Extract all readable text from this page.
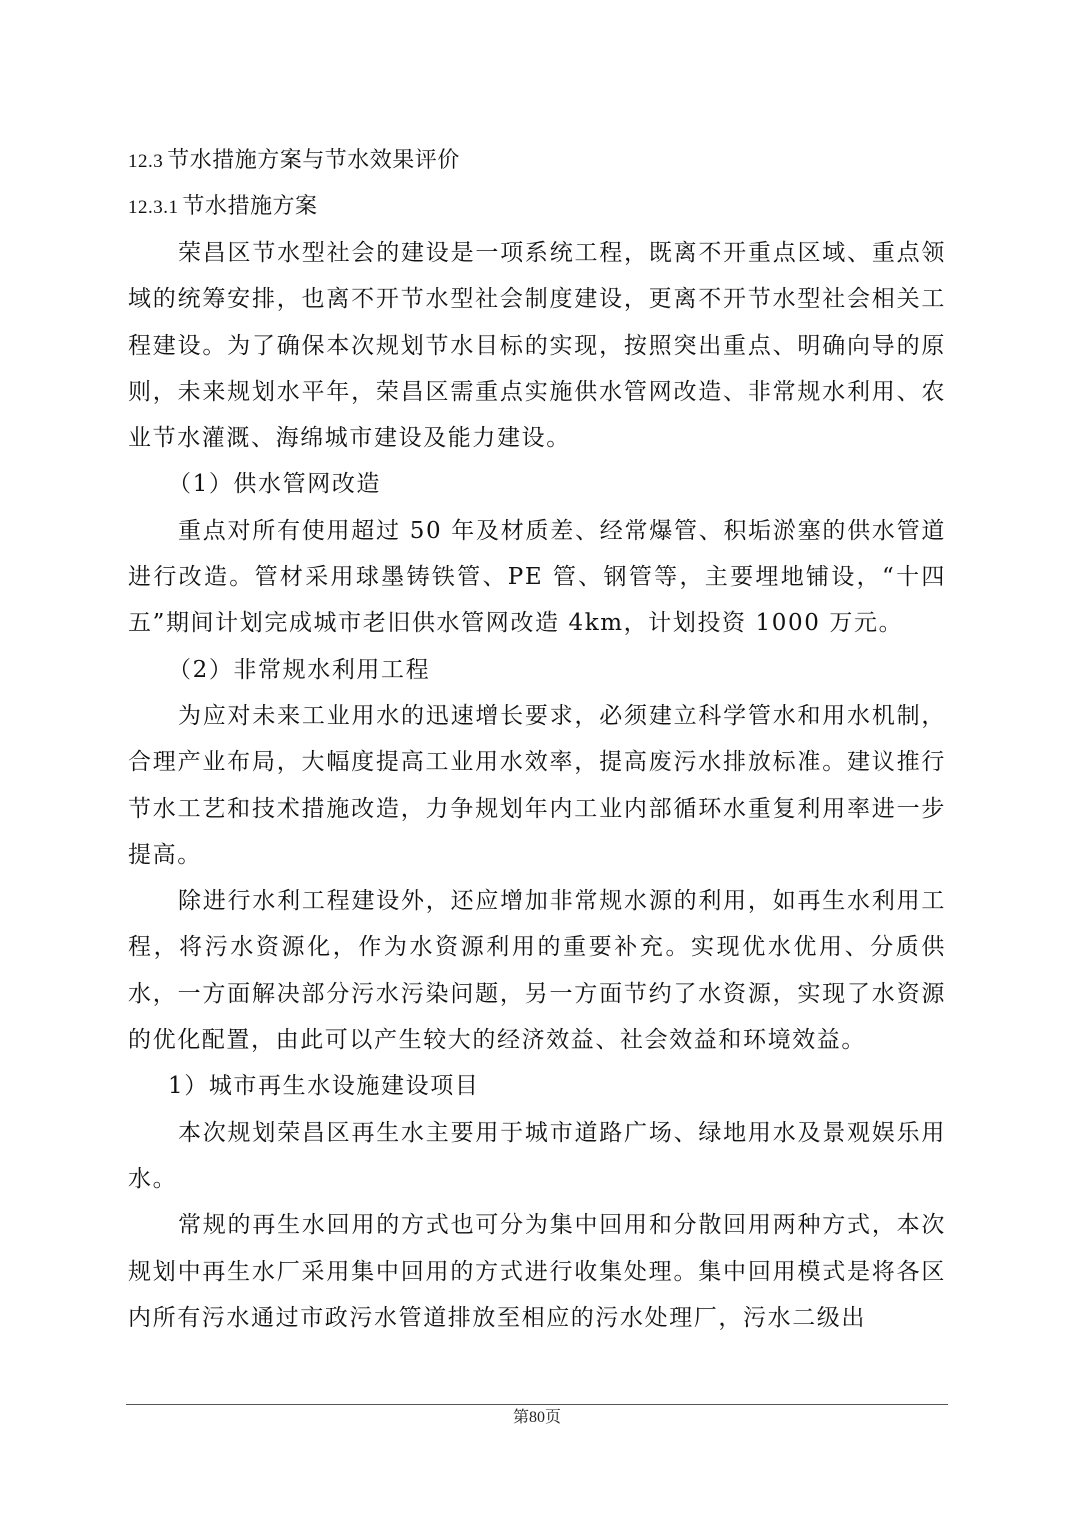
12.3 节水措施方案与节水效果评价
12.3.1 节水措施方案

荣昌区节水型社会的建设是一项系统工程，既离不开重点区域、重点领域的统筹安排，也离不开节水型社会制度建设，更离不开节水型社会相关工程建设。为了确保本次规划节水目标的实现，按照突出重点、明确向导的原则，未来规划水平年，荣昌区需重点实施供水管网改造、非常规水利用、农业节水灌溉、海绵城市建设及能力建设。

（1）供水管网改造

重点对所有使用超过 50 年及材质差、经常爆管、积垢淤塞的供水管道进行改造。管材采用球墨铸铁管、PE 管、钢管等，主要埋地铺设，“十四五”期间计划完成城市老旧供水管网改造 4km，计划投资 1000 万元。

（2）非常规水利用工程

为应对未来工业用水的迅速增长要求，必须建立科学管水和用水机制，合理产业布局，大幅度提高工业用水效率，提高废污水排放标准。建议推行节水工艺和技术措施改造，力争规划年内工业内部循环水重复利用率进一步提高。

除进行水利工程建设外，还应增加非常规水源的利用，如再生水利用工程，将污水资源化，作为水资源利用的重要补充。实现优水优用、分质供水，一方面解决部分污水污染问题，另一方面节约了水资源，实现了水资源的优化配置，由此可以产生较大的经济效益、社会效益和环境效益。

1）城市再生水设施建设项目

本次规划荣昌区再生水主要用于城市道路广场、绿地用水及景观娱乐用水。

常规的再生水回用的方式也可分为集中回用和分散回用两种方式，本次规划中再生水厂采用集中回用的方式进行收集处理。集中回用模式是将各区内所有污水通过市政污水管道排放至相应的污水处理厂，污水二级出

第80页
